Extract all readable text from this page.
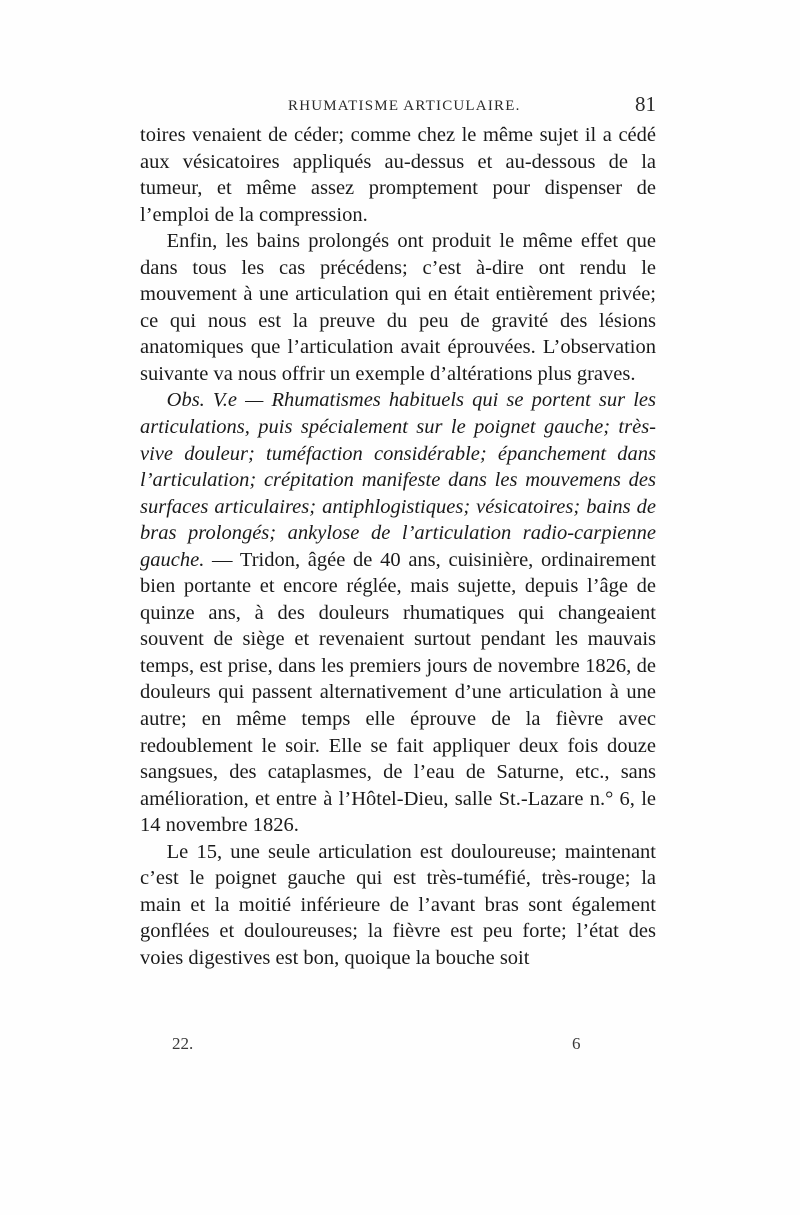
RHUMATISME ARTICULAIRE.	81

toires venaient de céder; comme chez le même sujet il a cédé aux vésicatoires appliqués au-dessus et au-dessous de la tumeur, et même assez promptement pour dispenser de l’emploi de la compression.

Enfin, les bains prolongés ont produit le même effet que dans tous les cas précédens; c’est à-dire ont rendu le mouvement à une articulation qui en était entièrement privée; ce qui nous est la preuve du peu de gravité des lésions anatomiques que l’articulation avait éprouvées. L’observation suivante va nous offrir un exemple d’altérations plus graves.

Obs. V.e — Rhumatismes habituels qui se portent sur les articulations, puis spécialement sur le poignet gauche; très-vive douleur; tuméfaction considérable; épanchement dans l’articulation; crépitation manifeste dans les mouvemens des surfaces articulaires; antiphlogistiques; vésicatoires; bains de bras prolongés; ankylose de l’articulation radio-carpienne gauche. — Tridon, âgée de 40 ans, cuisinière, ordinairement bien portante et encore réglée, mais sujette, depuis l’âge de quinze ans, à des douleurs rhumatiques qui changeaient souvent de siège et revenaient surtout pendant les mauvais temps, est prise, dans les premiers jours de novembre 1826, de douleurs qui passent alternativement d’une articulation à une autre; en même temps elle éprouve de la fièvre avec redoublement le soir. Elle se fait appliquer deux fois douze sangsues, des cataplasmes, de l’eau de Saturne, etc., sans amélioration, et entre à l’Hôtel-Dieu, salle St.-Lazare n.° 6, le 14 novembre 1826.

Le 15, une seule articulation est douloureuse; maintenant c’est le poignet gauche qui est très-tuméfié, très-rouge; la main et la moitié inférieure de l’avant bras sont également gonflées et douloureuses; la fièvre est peu forte; l’état des voies digestives est bon, quoique la bouche soit

22.	6
